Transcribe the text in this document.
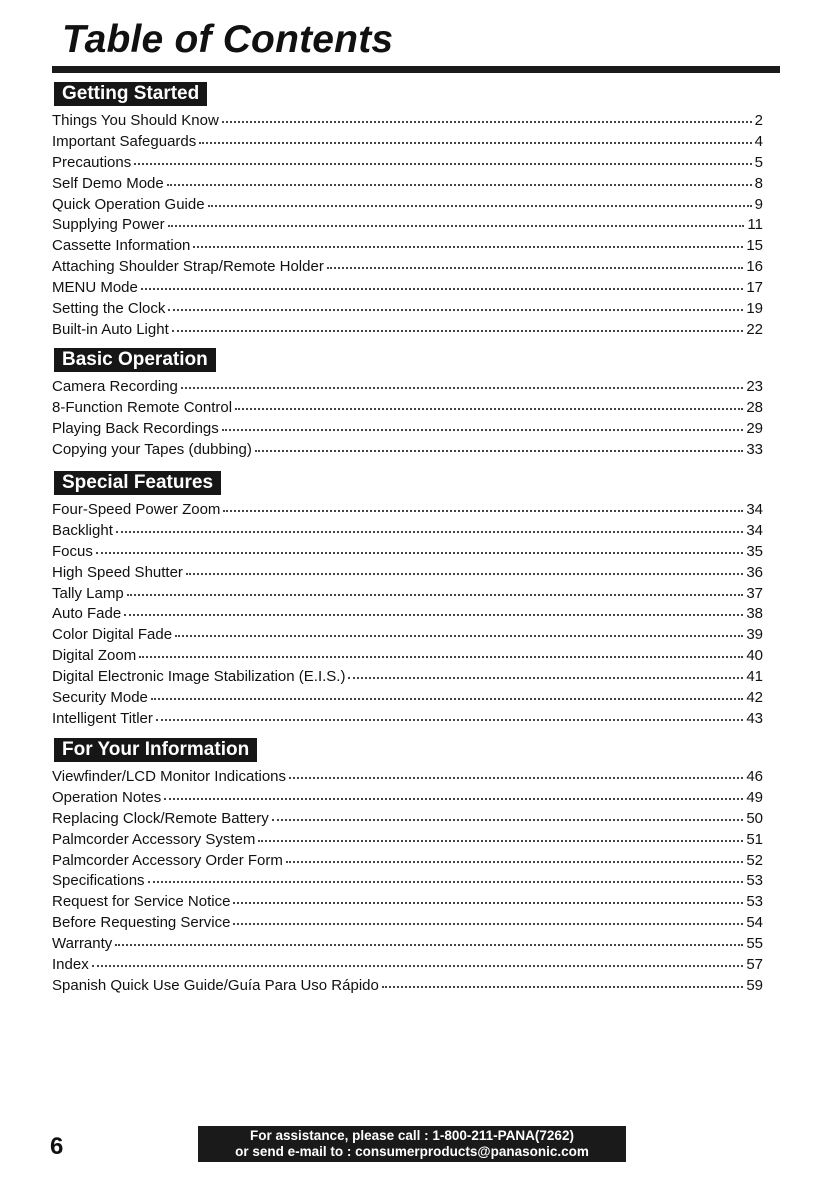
Table of Contents
Getting Started
Things You Should Know	2
Important Safeguards	4
Precautions	5
Self Demo Mode	8
Quick Operation Guide	9
Supplying Power	11
Cassette Information	15
Attaching Shoulder Strap/Remote Holder	16
MENU Mode	17
Setting the Clock	19
Built-in Auto Light	22
Basic Operation
Camera Recording	23
8-Function Remote Control	28
Playing Back Recordings	29
Copying your Tapes (dubbing)	33
Special Features
Four-Speed Power Zoom	34
Backlight	34
Focus	35
High Speed Shutter	36
Tally Lamp	37
Auto Fade	38
Color Digital Fade	39
Digital Zoom	40
Digital Electronic Image Stabilization (E.I.S.)	41
Security Mode	42
Intelligent Titler	43
For Your Information
Viewfinder/LCD Monitor Indications	46
Operation Notes	49
Replacing Clock/Remote Battery	50
Palmcorder Accessory System	51
Palmcorder Accessory Order Form	52
Specifications	53
Request for Service Notice	53
Before Requesting Service	54
Warranty	55
Index	57
Spanish Quick Use Guide/Guía Para Uso Rápido	59
6	For assistance, please call : 1-800-211-PANA(7262)
or send e-mail to : consumerproducts@panasonic.com
